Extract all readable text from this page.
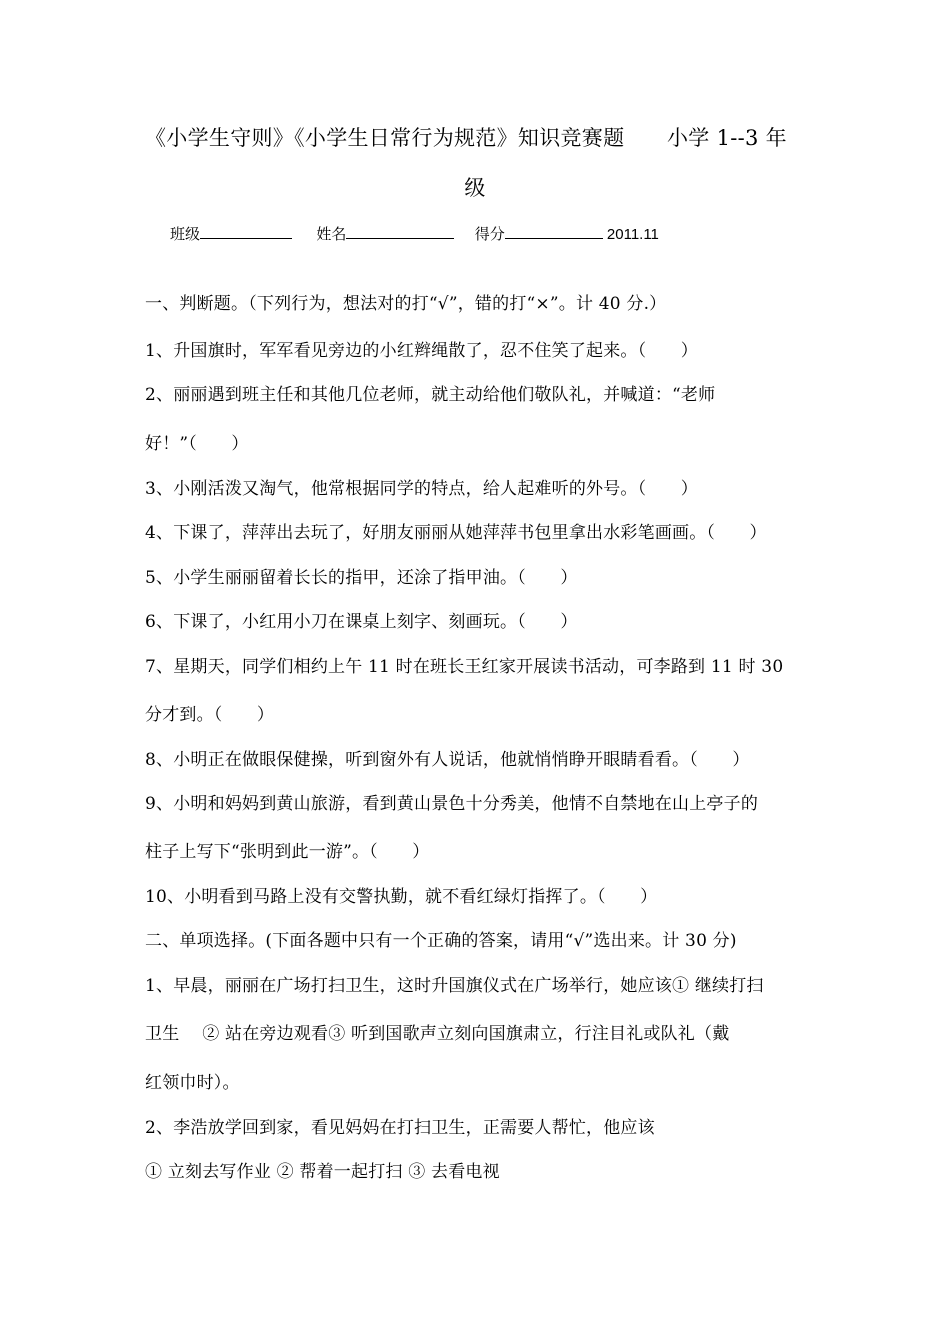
《小学生守则》《小学生日常行为规范》知识竞赛题　　小学 1--3 年
级
班级	姓名	得分	2011.11
一、判断题。（下列行为，想法对的打“√”，错的打“×”。计 40 分.）
1、升国旗时，军军看见旁边的小红辫绳散了，忍不住笑了起来。（　　）
2、丽丽遇到班主任和其他几位老师，就主动给他们敬队礼，并喊道：“老师
好！”（　　）
3、小刚活泼又淘气，他常根据同学的特点，给人起难听的外号。（　　）
4、下课了，萍萍出去玩了，好朋友丽丽从她萍萍书包里拿出水彩笔画画。（　　）
5、小学生丽丽留着长长的指甲，还涂了指甲油。（　　）
6、下课了，小红用小刀在课桌上刻字、刻画玩。（　　）
7、星期天，同学们相约上午 11 时在班长王红家开展读书活动，可李路到 11 时 30
分才到。（　　）
8、小明正在做眼保健操，听到窗外有人说话，他就悄悄睁开眼睛看看。（　　）
9、小明和妈妈到黄山旅游，看到黄山景色十分秀美，他情不自禁地在山上亭子的
柱子上写下“张明到此一游”。（　　）
10、小明看到马路上没有交警执勤，就不看红绿灯指挥了。（　　）
二、单项选择。(下面各题中只有一个正确的答案，请用“√”选出来。计 30 分)
1、早晨，丽丽在广场打扫卫生，这时升国旗仪式在广场举行，她应该① 继续打扫
卫生　 ② 站在旁边观看③ 听到国歌声立刻向国旗肃立，行注目礼或队礼（戴
红领巾时）。
2、李浩放学回到家，看见妈妈在打扫卫生，正需要人帮忙，他应该
① 立刻去写作业 ② 帮着一起打扫 ③ 去看电视
